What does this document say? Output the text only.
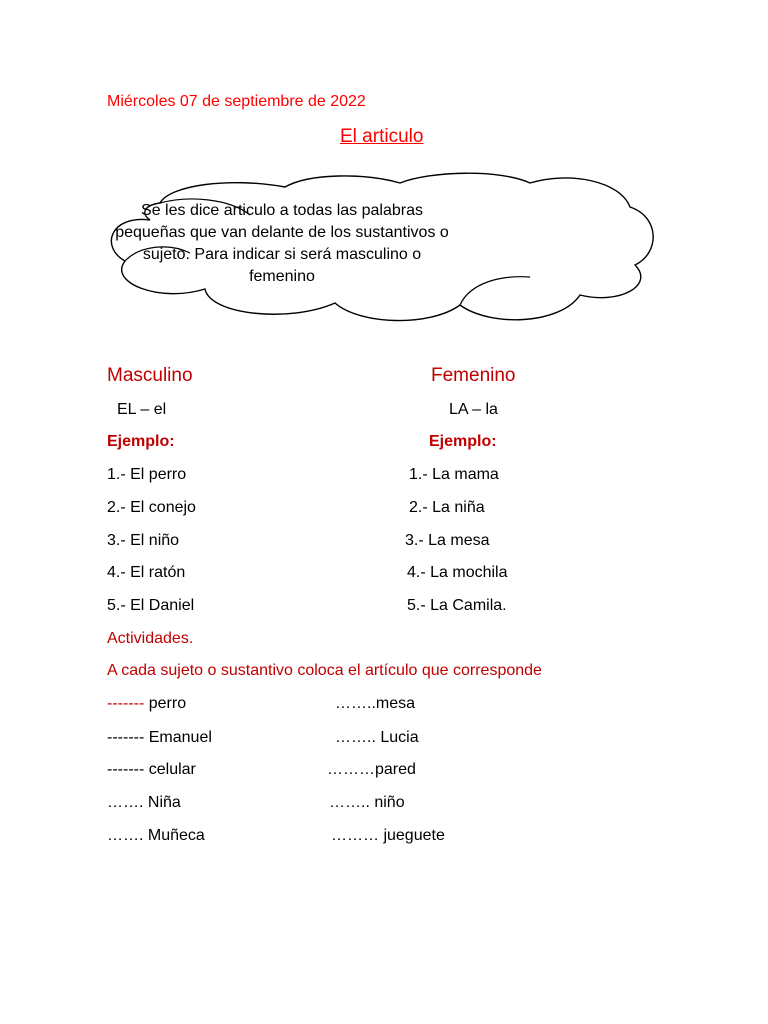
Miércoles 07 de septiembre de 2022
El articulo
Se les dice articulo a todas las palabras pequeñas que van delante de los sustantivos o sujeto. Para indicar si será masculino o femenino
Masculino
EL – el
Ejemplo:
1.- El perro
2.- El conejo
3.- El niño
4.- El ratón
5.- El Daniel
Femenino
LA – la
Ejemplo:
1.- La mama
2.- La niña
3.- La mesa
4.- La mochila
5.- La Camila.
Actividades.
A cada sujeto o sustantivo coloca el artículo que corresponde
------- perro
------- Emanuel
------- celular
……. Niña
……. Muñeca
……..mesa
…….. Lucia
………pared
…….. niño
……… jueguete
